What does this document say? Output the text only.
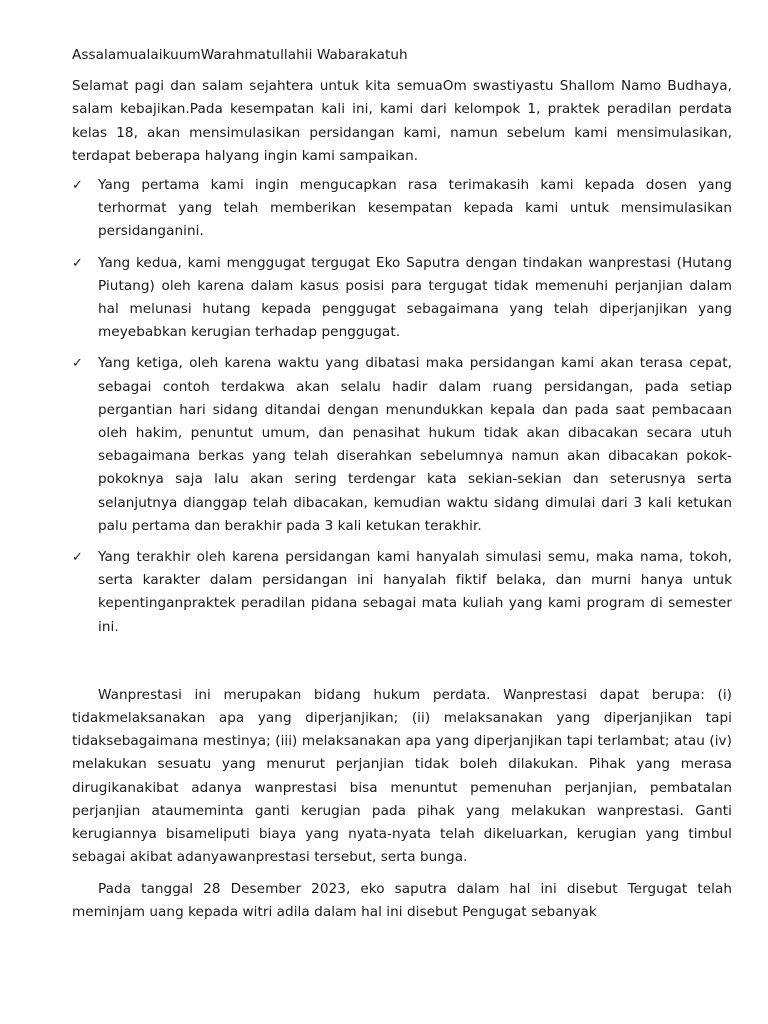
AssalamualaikuumWarahmatullahii Wabarakatuh

Selamat pagi dan salam sejahtera untuk kita semuaOm swastiyastu Shallom Namo Budhaya, salam kebajikan.Pada kesempatan kali ini, kami dari kelompok 1, praktek peradilan perdata kelas 18, akan mensimulasikan persidangan kami, namun sebelum kami mensimulasikan, terdapat beberapa halyang ingin kami sampaikan.

✓ Yang pertama kami ingin mengucapkan rasa terimakasih kami kepada dosen yang terhormat yang telah memberikan kesempatan kepada kami untuk mensimulasikan persidanganini.
✓ Yang kedua, kami menggugat tergugat Eko Saputra dengan tindakan wanprestasi (Hutang Piutang) oleh karena dalam kasus posisi para tergugat tidak memenuhi perjanjian dalam hal melunasi hutang kepada penggugat sebagaimana yang telah diperjanjikan yang meyebabkan kerugian terhadap penggugat.
✓ Yang ketiga, oleh karena waktu yang dibatasi maka persidangan kami akan terasa cepat, sebagai contoh terdakwa akan selalu hadir dalam ruang persidangan, pada setiap pergantian hari sidang ditandai dengan menundukkan kepala dan pada saat pembacaan oleh hakim, penuntut umum, dan penasihat hukum tidak akan dibacakan secara utuh sebagaimana berkas yang telah diserahkan sebelumnya namun akan dibacakan pokok-pokoknya saja lalu akan sering terdengar kata sekian-sekian dan seterusnya serta selanjutnya dianggap telah dibacakan, kemudian waktu sidang dimulai dari 3 kali ketukan palu pertama dan berakhir pada 3 kali ketukan terakhir.
✓ Yang terakhir oleh karena persidangan kami hanyalah simulasi semu, maka nama, tokoh, serta karakter dalam persidangan ini hanyalah fiktif belaka, dan murni hanya untuk kepentinganpraktek peradilan pidana sebagai mata kuliah yang kami program di semester ini.

Wanprestasi ini merupakan bidang hukum perdata. Wanprestasi dapat berupa: (i) tidakmelaksanakan apa yang diperjanjikan; (ii) melaksanakan yang diperjanjikan tapi tidaksebagaimana mestinya; (iii) melaksanakan apa yang diperjanjikan tapi terlambat; atau (iv) melakukan sesuatu yang menurut perjanjian tidak boleh dilakukan. Pihak yang merasa dirugikanakibat adanya wanprestasi bisa menuntut pemenuhan perjanjian, pembatalan perjanjian ataumeminta ganti kerugian pada pihak yang melakukan wanprestasi. Ganti kerugiannya bisameliputi biaya yang nyata-nyata telah dikeluarkan, kerugian yang timbul sebagai akibat adanyawanprestasi tersebut, serta bunga.

Pada tanggal 28 Desember 2023, eko saputra dalam hal ini disebut Tergugat telah meminjam uang kepada witri adila dalam hal ini disebut Pengugat sebanyak
